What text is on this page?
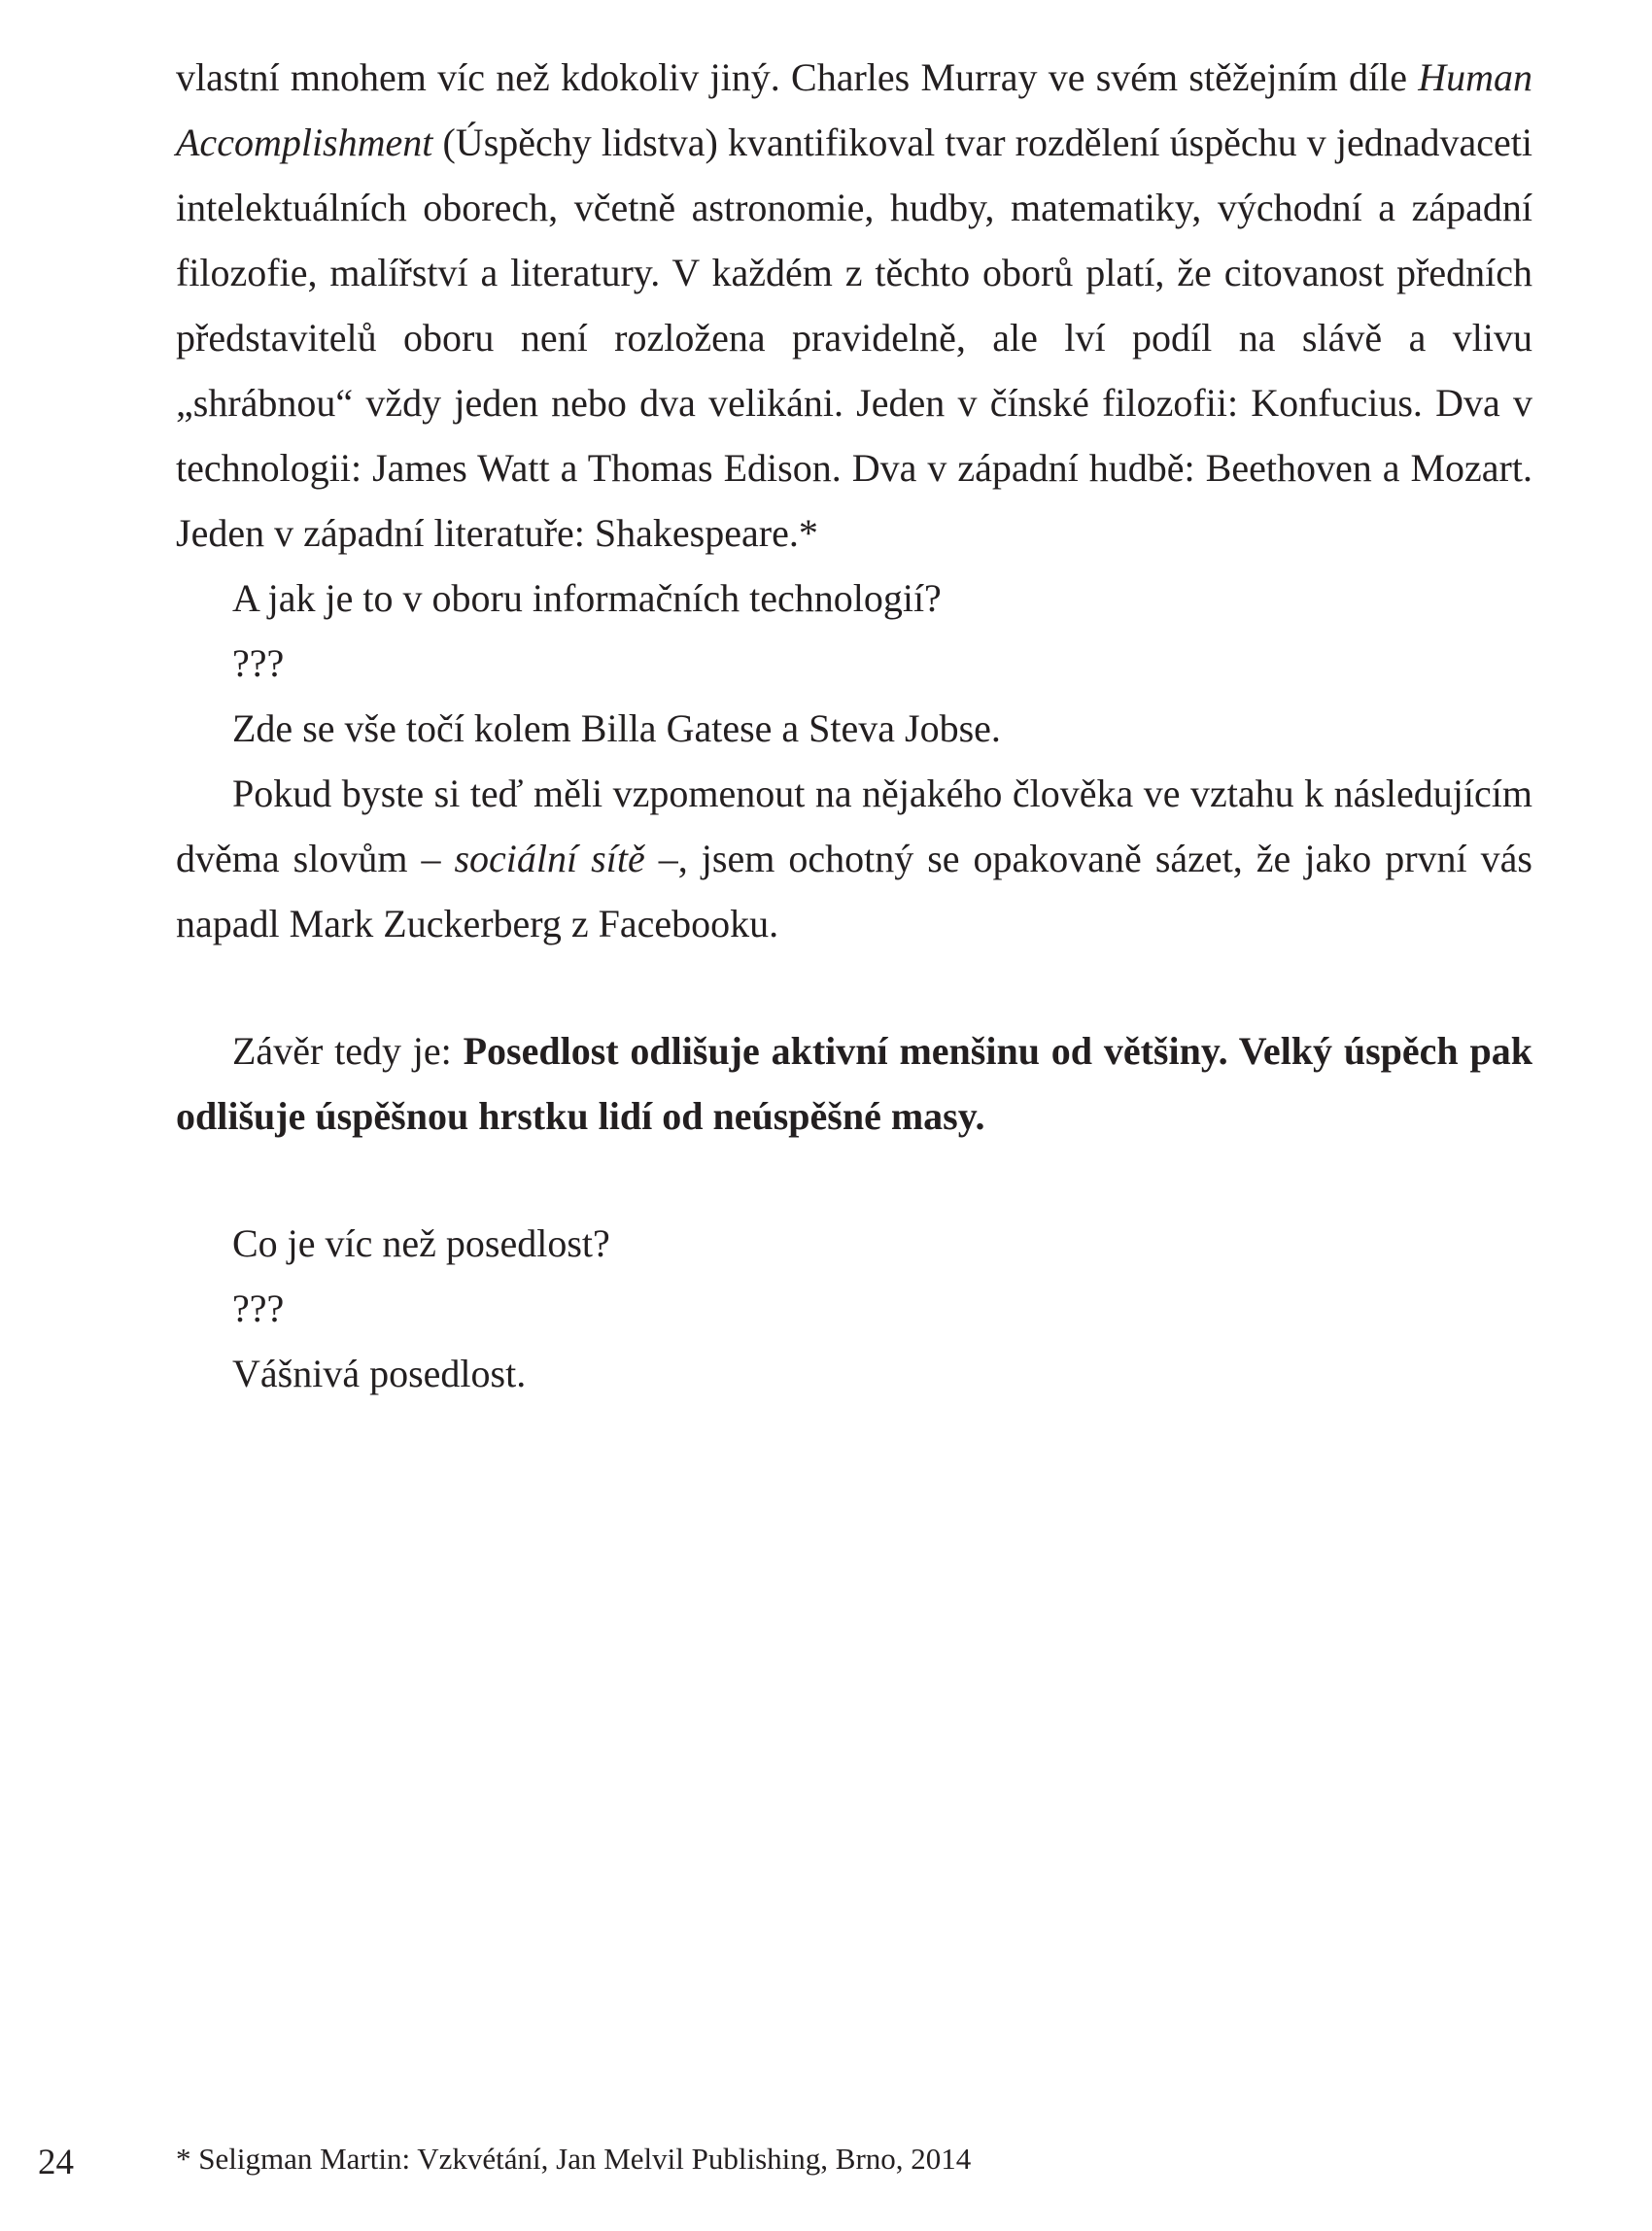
vlastní mnohem víc než kdokoliv jiný. Charles Murray ve svém stěžejním díle Human Accomplishment (Úspěchy lidstva) kvantifikoval tvar rozdělení úspěchu v jednadvaceti intelektuálních oborech, včetně astronomie, hudby, matematiky, východní a západní filozofie, malířství a literatury. V každém z těchto oborů platí, že citovanost předních představitelů oboru není rozložena pravidelně, ale lví podíl na slávě a vlivu „shrábnou“ vždy jeden nebo dva velikáni. Jeden v čínské filozofii: Konfucius. Dva v technologii: James Watt a Thomas Edison. Dva v západní hudbě: Beethoven a Mozart. Jeden v západní literatuře: Shakespeare.*

A jak je to v oboru informačních technologií?

???

Zde se vše točí kolem Billa Gatese a Steva Jobse.

Pokud byste si teď měli vzpomenout na nějakého člověka ve vztahu k následujícím dvěma slovům – sociální sítě –, jsem ochotný se opakovaně sázet, že jako první vás napadl Mark Zuckerberg z Facebooku.

Závěr tedy je: Posedlost odlišuje aktivní menšinu od většiny. Velký úspěch pak odlišuje úspěšnou hrstku lidí od neúspěšné masy.

Co je víc než posedlost?

???

Vášnivá posedlost.

* Seligman Martin: Vzkvétání, Jan Melvil Publishing, Brno, 2014
24
